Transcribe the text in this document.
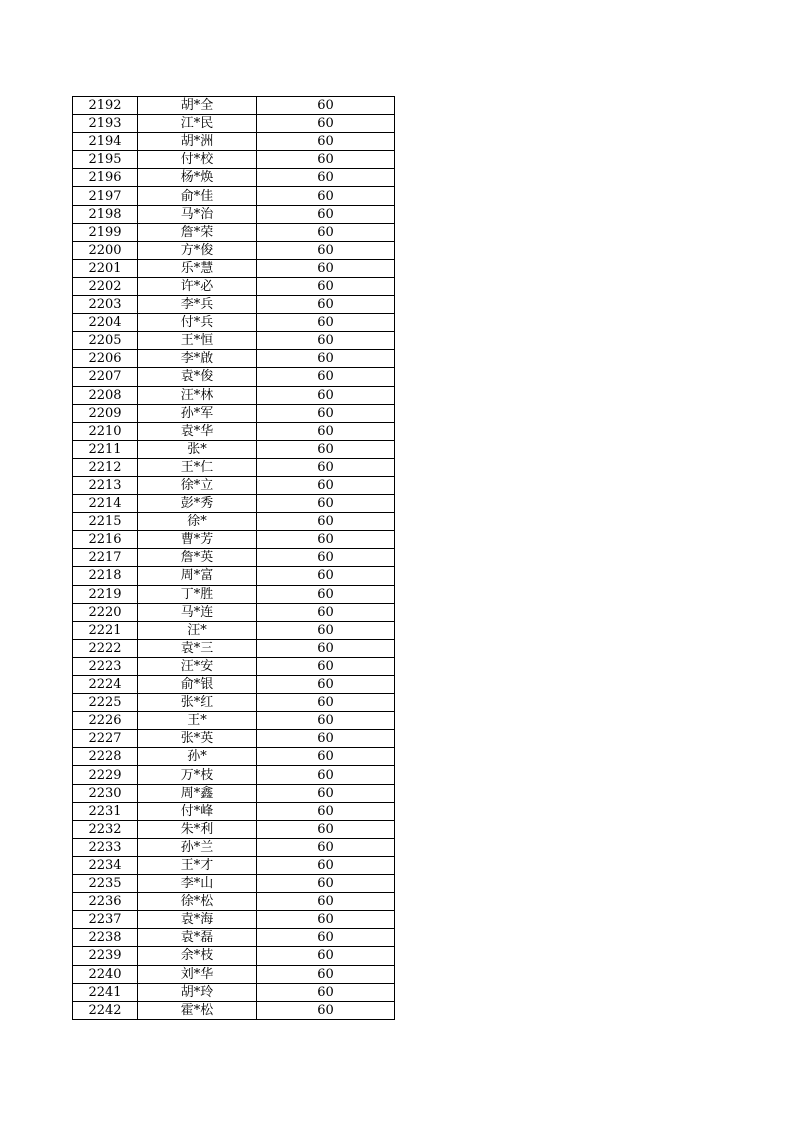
2192	胡*全	60
2193	江*民	60
2194	胡*洲	60
2195	付*校	60
2196	杨*焕	60
2197	俞*佳	60
2198	马*治	60
2199	詹*荣	60
2200	方*俊	60
2201	乐*慧	60
2202	许*必	60
2203	李*兵	60
2204	付*兵	60
2205	王*恒	60
2206	李*啟	60
2207	袁*俊	60
2208	汪*林	60
2209	孙*军	60
2210	袁*华	60
2211	张*	60
2212	王*仁	60
2213	徐*立	60
2214	彭*秀	60
2215	徐*	60
2216	曹*芳	60
2217	詹*英	60
2218	周*富	60
2219	丁*胜	60
2220	马*连	60
2221	汪*	60
2222	袁*三	60
2223	汪*安	60
2224	俞*银	60
2225	张*红	60
2226	王*	60
2227	张*英	60
2228	孙*	60
2229	万*枝	60
2230	周*鑫	60
2231	付*峰	60
2232	朱*利	60
2233	孙*兰	60
2234	王*才	60
2235	李*山	60
2236	徐*松	60
2237	袁*海	60
2238	袁*磊	60
2239	余*枝	60
2240	刘*华	60
2241	胡*玲	60
2242	霍*松	60
